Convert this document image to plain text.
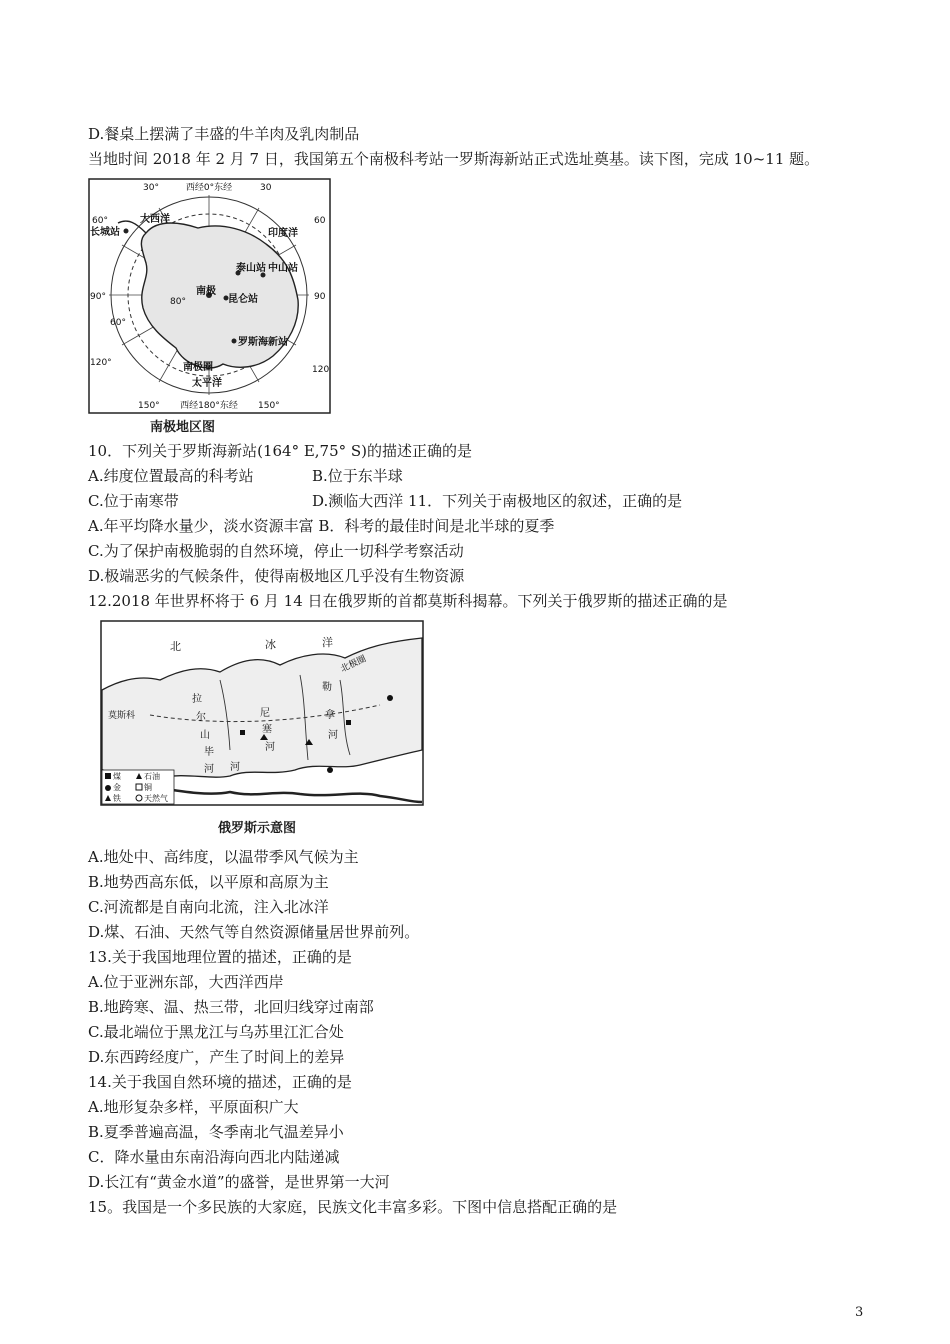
D.餐桌上摆满了丰盛的牛羊肉及乳肉制品
当地时间 2018 年 2 月 7 日，我国第五个南极科考站一罗斯海新站正式选址奠基。读下图，完成 10~11 题。
西经0°东经
西经180°东经
30°	30
60°	60
90°	90
120°
120
150°	150°
80°
60°
大西洋
印度洋
太平洋
长城站
泰山站 中山站
昆仑站
罗斯海新站
南极
南极圈
南极地区图
10．下列关于罗斯海新站(164° E,75° S)的描述正确的是
A.纬度位置最高的科考站	B.位于东半球
C.位于南寒带	D.濒临大西洋 11．下列关于南极地区的叙述，正确的是
A.年平均降水量少，淡水资源丰富 B．科考的最佳时间是北半球的夏季
C.为了保护南极脆弱的自然环境，停止一切科学考察活动
D.极端恶劣的气候条件，使得南极地区几乎没有生物资源
12.2018 年世界杯将于 6 月 14 日在俄罗斯的首都莫斯科揭幕。下列关于俄罗斯的描述正确的是
北	冰	洋
莫斯科
拉
尔
山
尼
塞
河
勒
拿
河
毕
河 河
北极圈
煤	石油
金	铜
铁	天然气
俄罗斯示意图
A.地处中、高纬度，以温带季风气候为主
B.地势西高东低，以平原和高原为主
C.河流都是自南向北流，注入北冰洋
D.煤、石油、天然气等自然资源储量居世界前列。
13.关于我国地理位置的描述，正确的是
A.位于亚洲东部，大西洋西岸
B.地跨寒、温、热三带，北回归线穿过南部
C.最北端位于黑龙江与乌苏里江汇合处
D.东西跨经度广，产生了时间上的差异
14.关于我国自然环境的描述，正确的是
A.地形复杂多样，平原面积广大
B.夏季普遍高温，冬季南北气温差异小
C．降水量由东南沿海向西北内陆递减
D.长江有“黄金水道”的盛誉，是世界第一大河
15。我国是一个多民族的大家庭，民族文化丰富多彩。下图中信息搭配正确的是
3
